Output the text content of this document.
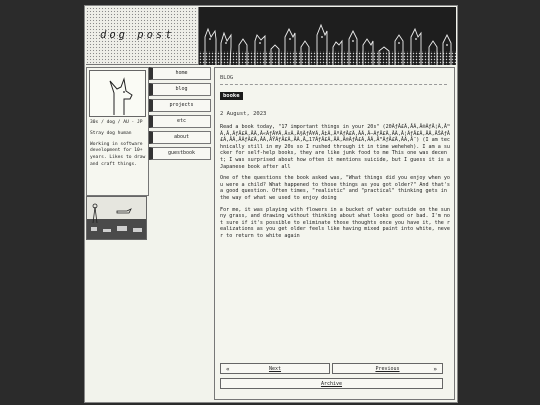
dog post
30s / dog / AU · JP
Stray dog human
Working in software development for 10+ years. Likes to draw and craft things.
home
blog
projects
etc
about
guestbook
BLOG
booke
2 August, 2023

Read a book today, "17 important things in your 20s" (20ÃƒÂ£Ã‚ÂÃ‚Â®ÃƒÂ¦Ã‚Â™Ã‚Â‚ÃƒÂ£Ã‚ÂÃ‚Â«ÃƒÂ¥Ã‚Â¤Ã‚Â§ÃƒÂ¥Ã‚Â‡Ã‚ÂºÃƒÂ£Ã‚ÂÃ‚Â—ÃƒÂ£Ã‚ÂÃ‚Â¦ÃƒÂ£Ã‚ÂÃ‚ÂŠÃƒÂ£Ã‚ÂÃ‚ÂÃƒÂ£Ã‚ÂÃ‚ÂŸÃƒÂ£Ã‚ÂÃ‚Â„17ÃƒÂ£Ã‚ÂÃ‚Â®ÃƒÂ£Ã‚ÂÃ‚Â“ÃƒÂ£Ã‚ÂÃ‚Â¨) (I am technically still in my 20s so I rushed through it in time weheheh). I am a sucker for self-help books, they are like junk food to me This one was decent; I was surprised about how often it mentions suicide, but I guess it is a Japanese book after all

One of the questions the book asked was, "What things did you enjoy when you were a child? What happened to those things as you got older?" And that's a good question. Often times, "realistic" and "practical" thinking gets in the way of what we used to enjoy doing

For me, it was playing with flowers in a bucket of water outside on the sunny grass, and drawing without thinking about what looks good or bad. I'm not sure if it's possible to eliminate those thoughts once you have it, the realizations as you get older feels like having mixed paint into white, never to return to white again

«	Next	Previous	»
Archive
